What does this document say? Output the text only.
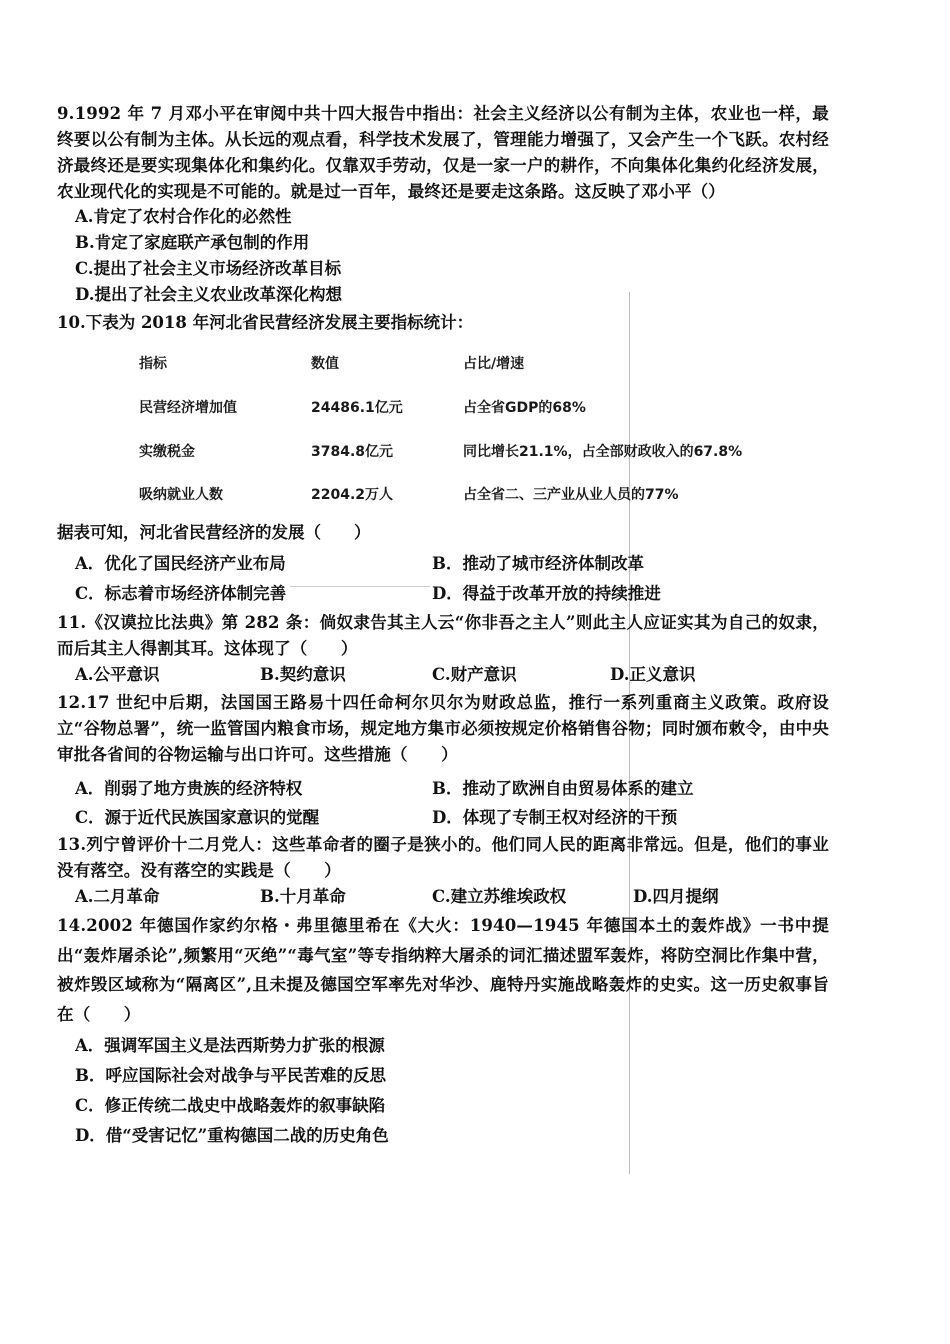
9.1992 年 7 月邓小平在审阅中共十四大报告中指出：社会主义经济以公有制为主体，农业也一样，最终要以公有制为主体。从长远的观点看，科学技术发展了，管理能力增强了，又会产生一个飞跃。农村经济最终还是要实现集体化和集约化。仅靠双手劳动，仅是一家一户的耕作，不向集体化集约化经济发展，农业现代化的实现是不可能的。就是过一百年，最终还是要走这条路。这反映了邓小平（）
A.肯定了农村合作化的必然性
B.肯定了家庭联产承包制的作用
C.提出了社会主义市场经济改革目标
D.提出了社会主义农业改革深化构想
10.下表为 2018 年河北省民营经济发展主要指标统计：
指标	数值	占比/增速
民营经济增加值	24486.1亿元	占全省GDP的68%
实缴税金	3784.8亿元	同比增长21.1%，占全部财政收入的67.8%
吸纳就业人数	2204.2万人	占全省二、三产业从业人员的77%
据表可知，河北省民营经济的发展（　　）
A．优化了国民经济产业布局	B．推动了城市经济体制改革
C．标志着市场经济体制完善	D．得益于改革开放的持续推进
11.《汉谟拉比法典》第 282 条：倘奴隶告其主人云“你非吾之主人”则此主人应证实其为自己的奴隶，而后其主人得割其耳。这体现了（　　）
A.公平意识	B.契约意识	C.财产意识	D.正义意识
12.17 世纪中后期，法国国王路易十四任命柯尔贝尔为财政总监，推行一系列重商主义政策。政府设立“谷物总署”，统一监管国内粮食市场，规定地方集市必须按规定价格销售谷物；同时颁布敕令，由中央审批各省间的谷物运输与出口许可。这些措施（　　）
A．削弱了地方贵族的经济特权	B．推动了欧洲自由贸易体系的建立
C．源于近代民族国家意识的觉醒	D．体现了专制王权对经济的干预
13.列宁曾评价十二月党人：这些革命者的圈子是狭小的。他们同人民的距离非常远。但是，他们的事业没有落空。没有落空的实践是（　　）
A.二月革命	B.十月革命	C.建立苏维埃政权	D.四月提纲
14.2002 年德国作家约尔格・弗里德里希在《大火：1940—1945 年德国本土的轰炸战》一书中提出“轰炸屠杀论”,频繁用“灭绝”“毒气室”等专指纳粹大屠杀的词汇描述盟军轰炸，将防空洞比作集中营，被炸毁区域称为“隔离区”,且未提及德国空军率先对华沙、鹿特丹实施战略轰炸的史实。这一历史叙事旨在（　　）
A．强调军国主义是法西斯势力扩张的根源
B．呼应国际社会对战争与平民苦难的反思
C．修正传统二战史中战略轰炸的叙事缺陷
D．借“受害记忆”重构德国二战的历史角色
